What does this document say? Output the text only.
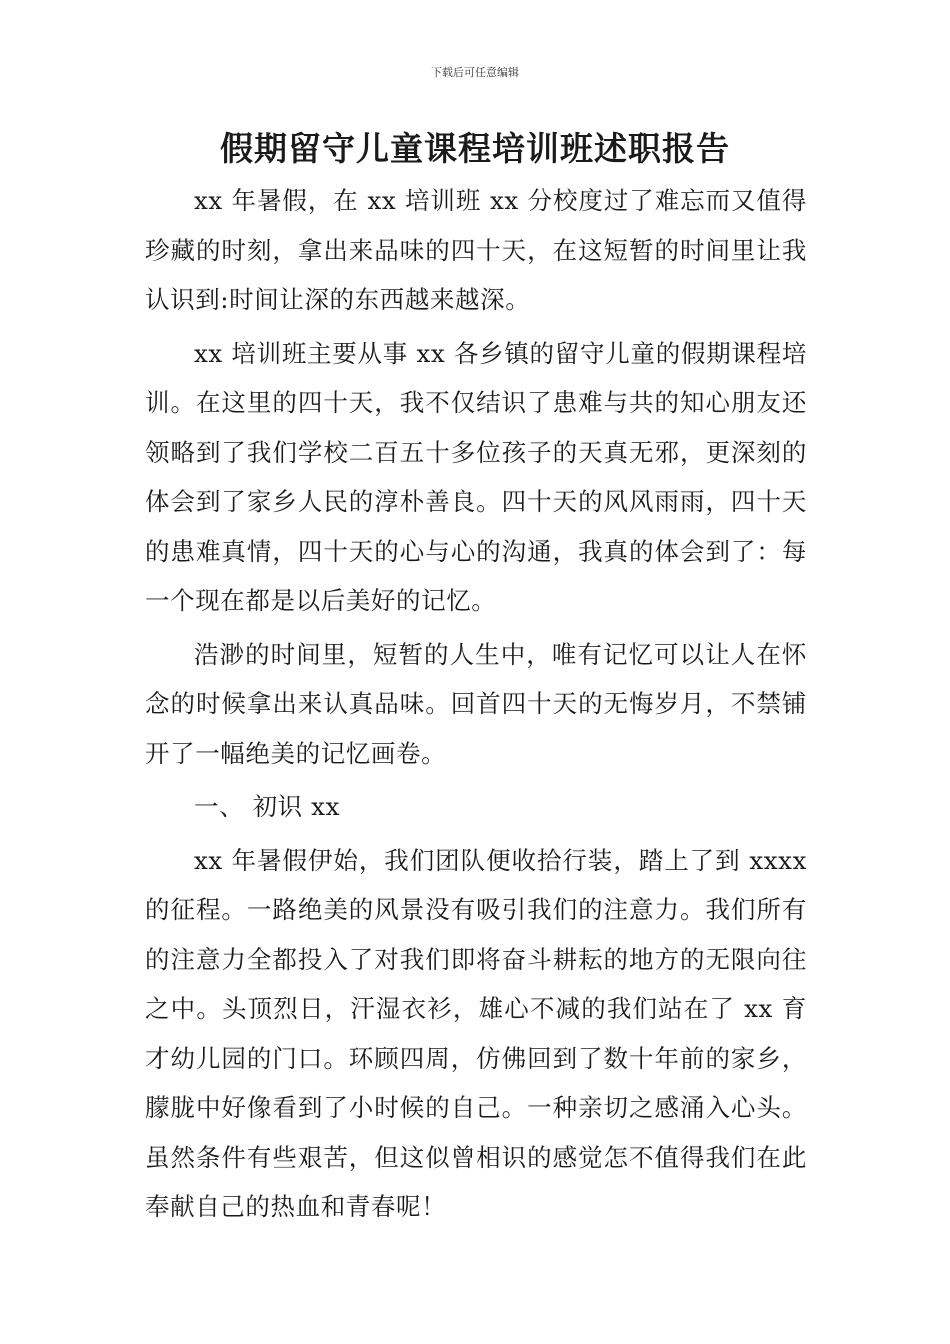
下载后可任意编辑
假期留守儿童课程培训班述职报告

xx 年暑假，在 xx 培训班 xx 分校度过了难忘而又值得珍藏的时刻，拿出来品味的四十天，在这短暂的时间里让我认识到:时间让深的东西越来越深。

xx 培训班主要从事 xx 各乡镇的留守儿童的假期课程培训。在这里的四十天，我不仅结识了患难与共的知心朋友还领略到了我们学校二百五十多位孩子的天真无邪，更深刻的体会到了家乡人民的淳朴善良。四十天的风风雨雨，四十天的患难真情，四十天的心与心的沟通，我真的体会到了：每一个现在都是以后美好的记忆。

浩渺的时间里，短暂的人生中，唯有记忆可以让人在怀念的时候拿出来认真品味。回首四十天的无悔岁月，不禁铺开了一幅绝美的记忆画卷。

一、 初识 xx

xx 年暑假伊始，我们团队便收拾行装，踏上了到 xxxx 的征程。一路绝美的风景没有吸引我们的注意力。我们所有的注意力全都投入了对我们即将奋斗耕耘的地方的无限向往之中。头顶烈日，汗湿衣衫，雄心不减的我们站在了 xx 育才幼儿园的门口。环顾四周，仿佛回到了数十年前的家乡，朦胧中好像看到了小时候的自己。一种亲切之感涌入心头。虽然条件有些艰苦，但这似曾相识的感觉怎不值得我们在此奉献自己的热血和青春呢！
